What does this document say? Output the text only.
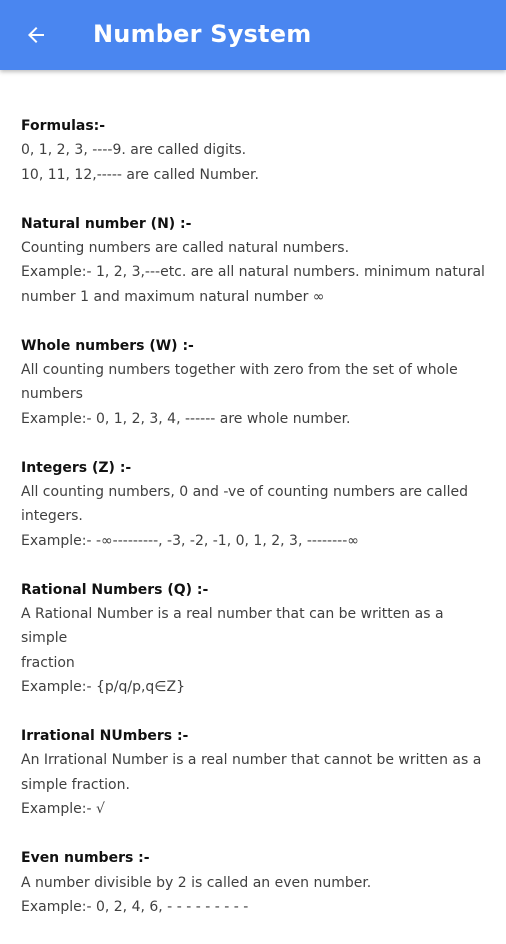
Number System
Formulas:-
0, 1, 2, 3, ----9. are called digits.
10, 11, 12,----- are called Number.
Natural number (N) :-
Counting numbers are called natural numbers.
Example:- 1, 2, 3,---etc. are all natural numbers. minimum natural
number 1 and maximum natural number ∞
Whole numbers (W) :-
All counting numbers together with zero from the set of whole
numbers
Example:- 0, 1, 2, 3, 4, ------ are whole number.
Integers (Z) :-
All counting numbers, 0 and -ve of counting numbers are called
integers.
Example:- -∞---------, -3, -2, -1, 0, 1, 2, 3, --------∞
Rational Numbers (Q) :-
A Rational Number is a real number that can be written as a simple
fraction
Example:- {p/q/p,q∈Z}
Irrational NUmbers :-
An Irrational Number is a real number that cannot be written as a
simple fraction.
Example:- √
Even numbers :-
A number divisible by 2 is called an even number.
Example:- 0, 2, 4, 6, - - - - - - - - -
